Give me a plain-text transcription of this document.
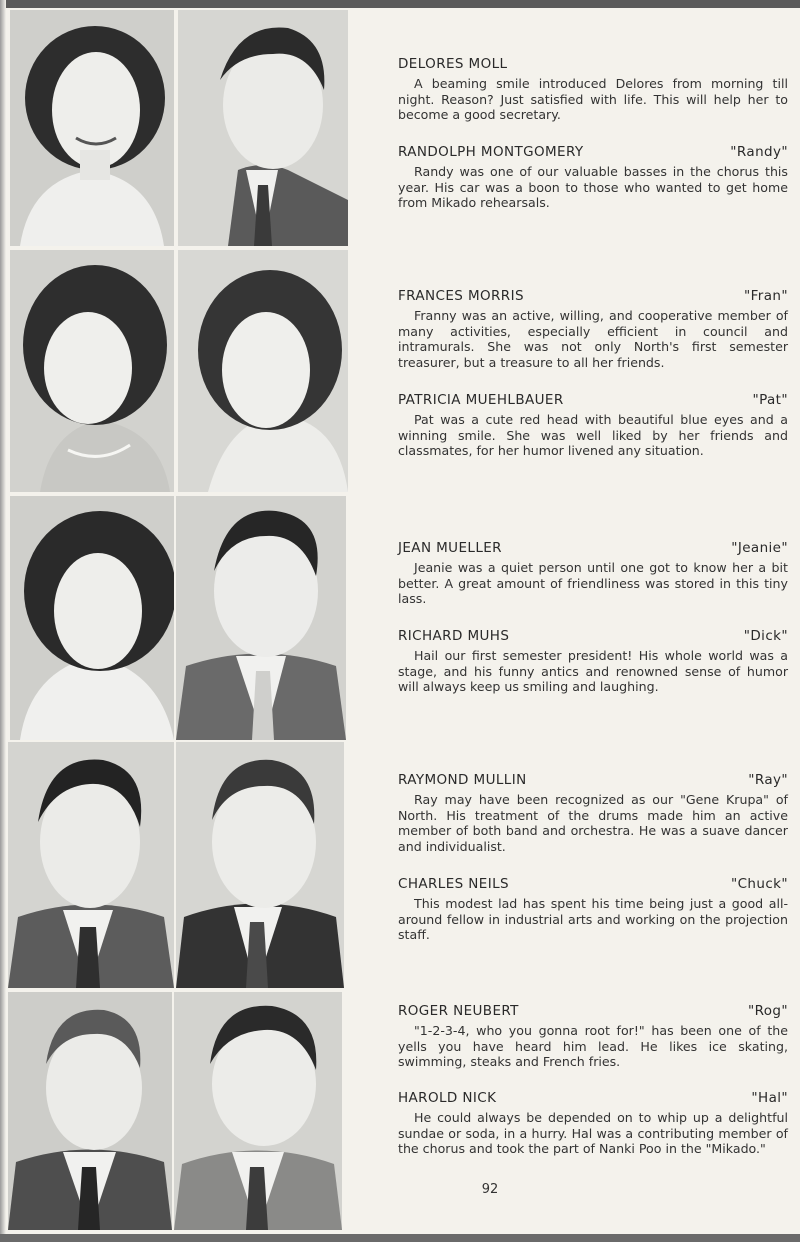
DELORES MOLL
A beaming smile introduced Delores from morning till night. Reason? Just satisfied with life. This will help her to become a good secretary.
RANDOLPH MONTGOMERY	"Randy"
Randy was one of our valuable basses in the chorus this year. His car was a boon to those who wanted to get home from Mikado rehearsals.
FRANCES MORRIS	"Fran"
Franny was an active, willing, and cooperative member of many activities, especially efficient in council and intramurals. She was not only North's first semester treasurer, but a treasure to all her friends.
PATRICIA MUEHLBAUER	"Pat"
Pat was a cute red head with beautiful blue eyes and a winning smile. She was well liked by her friends and classmates, for her humor livened any situation.
JEAN MUELLER	"Jeanie"
Jeanie was a quiet person until one got to know her a bit better. A great amount of friendliness was stored in this tiny lass.
RICHARD MUHS	"Dick"
Hail our first semester president! His whole world was a stage, and his funny antics and renowned sense of humor will always keep us smiling and laughing.
RAYMOND MULLIN	"Ray"
Ray may have been recognized as our "Gene Krupa" of North. His treatment of the drums made him an active member of both band and orchestra. He was a suave dancer and individualist.
CHARLES NEILS	"Chuck"
This modest lad has spent his time being just a good all-around fellow in industrial arts and working on the projection staff.
ROGER NEUBERT	"Rog"
"1-2-3-4, who you gonna root for!" has been one of the yells you have heard him lead. He likes ice skating, swimming, steaks and French fries.
HAROLD NICK	"Hal"
He could always be depended on to whip up a delightful sundae or soda, in a hurry. Hal was a contributing member of the chorus and took the part of Nanki Poo in the "Mikado."
92
